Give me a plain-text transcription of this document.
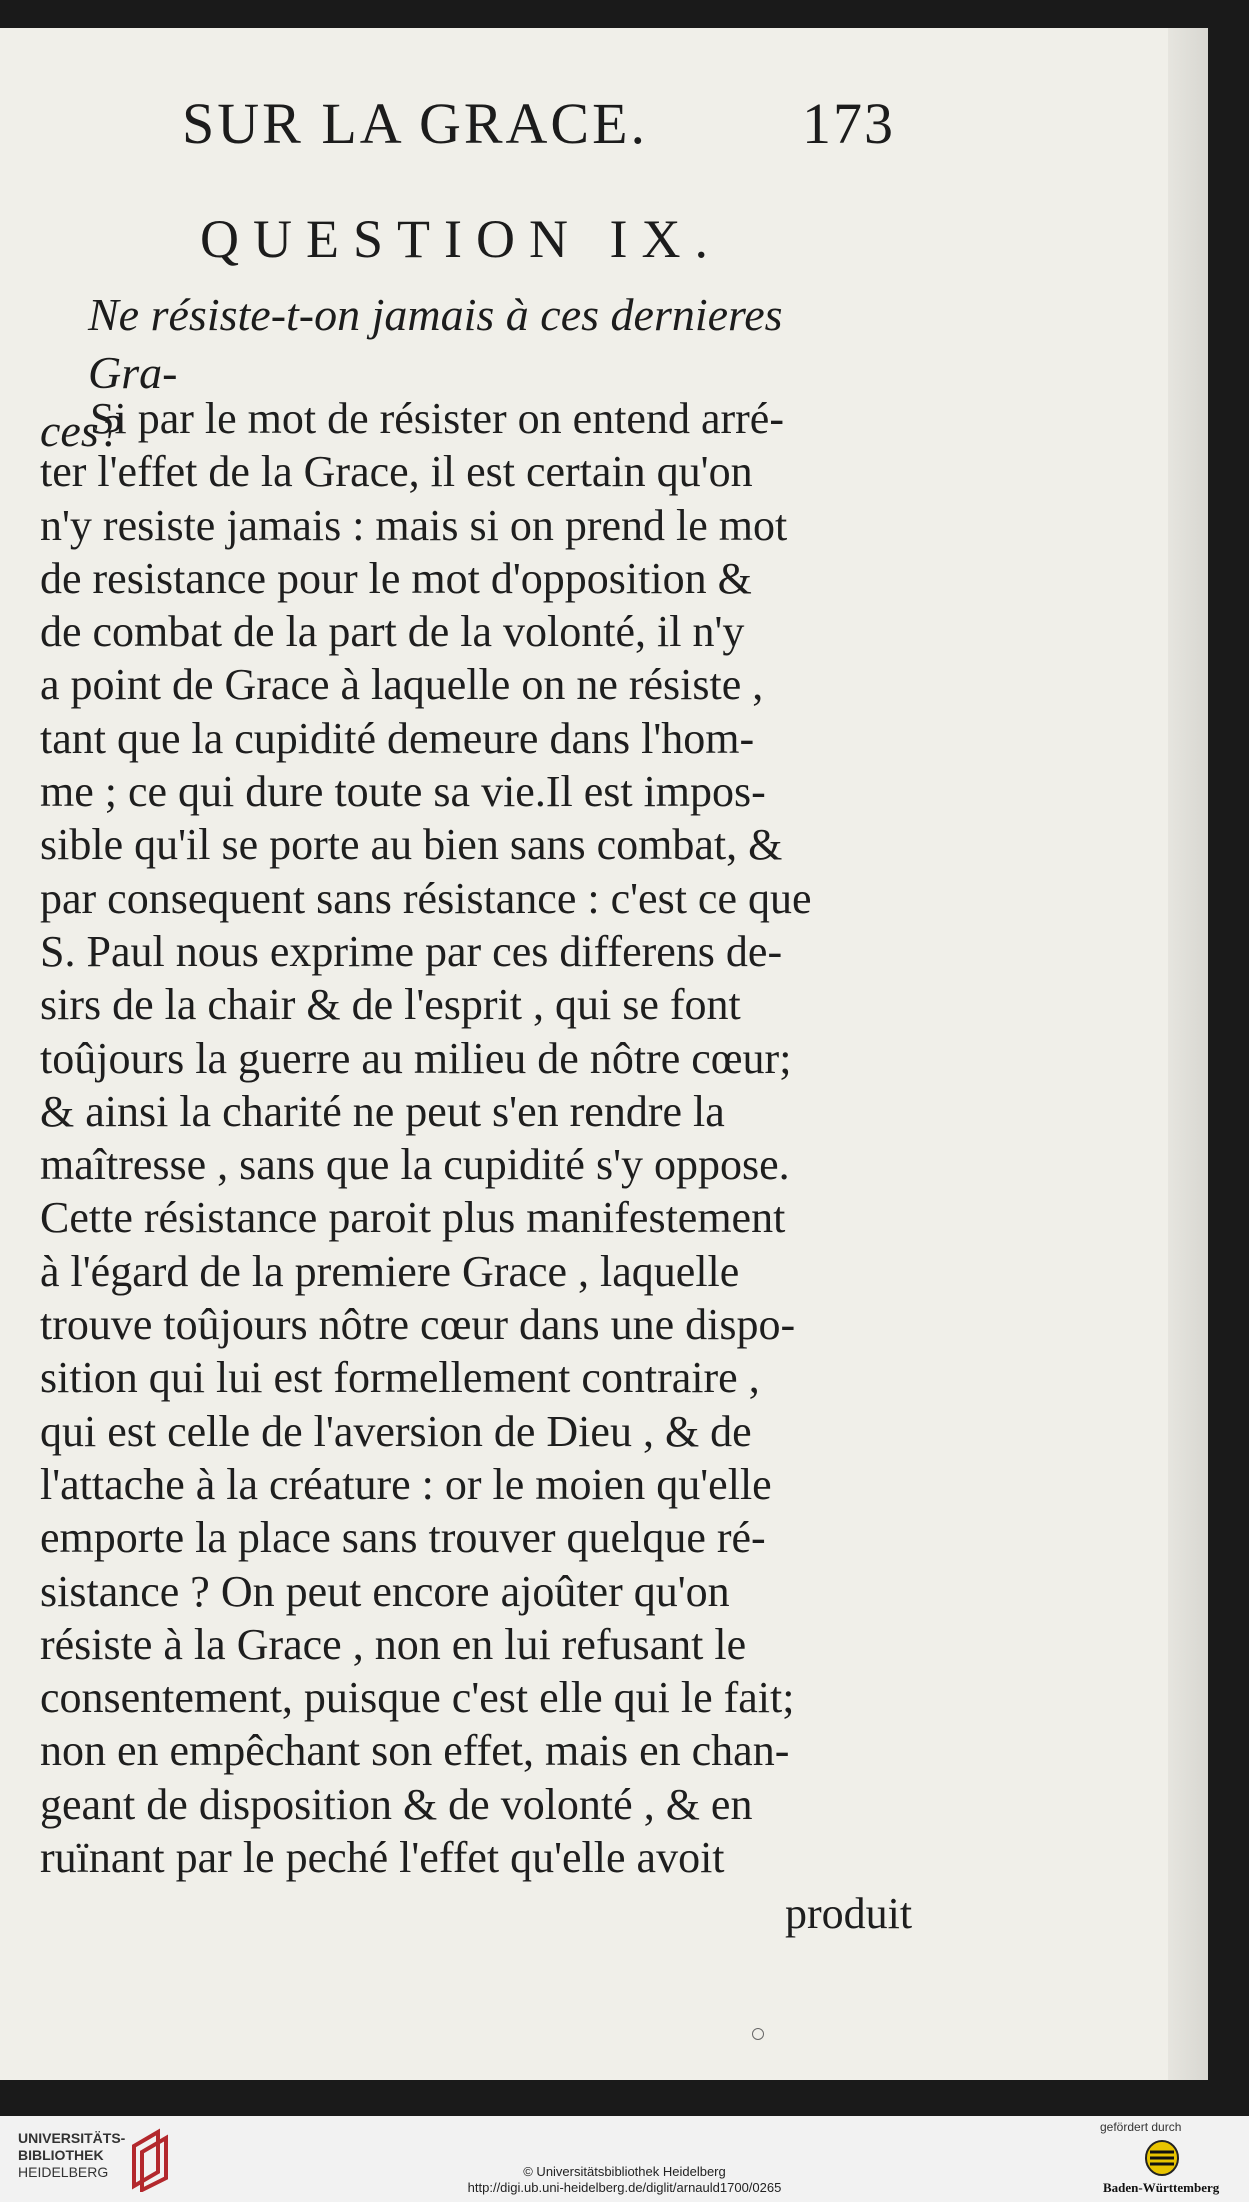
SUR LA GRACE.	173
QUESTION IX.
Ne résiste-t-on jamais à ces dernieres Gra-
ces?
Si par le mot de résister on entend arré-
ter l'effet de la Grace, il est certain qu'on
n'y resiste jamais : mais si on prend le mot
de resistance pour le mot d'opposition &
de combat de la part de la volonté, il n'y
a point de Grace à laquelle on ne résiste ,
tant que la cupidité demeure dans l'hom-
me ; ce qui dure toute sa vie.Il est impos-
sible qu'il se porte au bien sans combat, &
par consequent sans résistance : c'est ce que
S. Paul nous exprime par ces differens de-
sirs de la chair & de l'esprit , qui se font
toûjours la guerre au milieu de nôtre cœur;
& ainsi la charité ne peut s'en rendre la
maîtresse , sans que la cupidité s'y oppose.
Cette résistance paroit plus manifestement
à l'égard de la premiere Grace , laquelle
trouve toûjours nôtre cœur dans une dispo-
sition qui lui est formellement contraire ,
qui est celle de l'aversion de Dieu , & de
l'attache à la créature : or le moien qu'elle
emporte la place sans trouver quelque ré-
sistance ? On peut encore ajoûter qu'on
résiste à la Grace , non en lui refusant le
consentement, puisque c'est elle qui le fait;
non en empêchant son effet, mais en chan-
geant de disposition & de volonté , & en
ruïnant par le peché l'effet qu'elle avoit
produit
UNIVERSITÄTS-
BIBLIOTHEK
HEIDELBERG	© Universitätsbibliothek Heidelberg
http://digi.ub.uni-heidelberg.de/diglit/arnauld1700/0265
gefördert durch
Baden-Württemberg
